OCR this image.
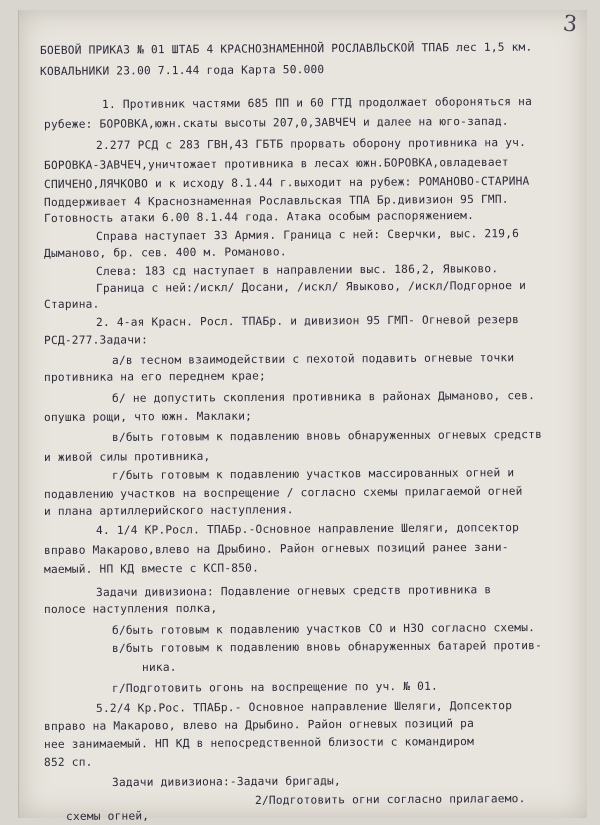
3

БОЕВОЙ ПРИКАЗ № 01 ШТАБ 4 КРАСНОЗНАМЕННОЙ РОСЛАВЛЬСКОЙ ТПАБ лес 1,5 км.

КОВАЛЬНИКИ 23.00 7.1.44 года Карта 50.000

1. Противник частями 685 ПП и 60 ГТД продолжает обороняться на

рубеже: БОРОВКА,южн.скаты высоты 207,0,ЗАВЧЕЧ и далее на юго-запад.

2.277 РСД с 283 ГВН,43 ГБТБ прорвать оборону противника на уч.

БОРОВКА-ЗАВЧЕЧ,уничтожает противника в лесах южн.БОРОВКА,овладевает

СПИЧЕНО,ЛЯЧКОВО и к исходу 8.1.44 г.выходит на рубеж: РОМАНОВО-СТАРИНА

Поддерживает 4 Краснознаменная Рославльская ТПА Бр.дивизион 95 ГМП.

Готовность атаки 6.00 8.1.44 года. Атака особым распоряжением.

Справа наступает 33 Армия. Граница с ней: Сверчки, выс. 219,6

Дыманово, бр. сев. 400 м. Романово.

Слева: 183 сд наступает в направлении выс. 186,2, Явыково.

Граница с ней:/искл/ Досани, /искл/ Явыково, /искл/Подгорное и

Старина.

2. 4-ая Красн. Росл. ТПАБр. и дивизион 95 ГМП- Огневой резерв

РСД-277.Задачи:

а/в тесном взаимодействии с пехотой подавить огневые точки

противника на его переднем крае;

б/ не допустить скопления противника в районах Дыманово, сев.

опушка рощи, что южн. Маклаки;

в/быть готовым к подавлению вновь обнаруженных огневых средств

и живой силы противника,

г/быть готовым к подавлению участков массированных огней и

подавлению участков на воспрещение / согласно схемы прилагаемой огней

и плана артиллерийского наступления.

4. 1/4 КР.Росл. ТПАБр.-Основное направление Шеляги, допсектор

вправо Макарово,влево на Дрыбино. Район огневых позиций ранее зани-

маемый. НП КД вместе с КСП-850.

Задачи дивизиона: Подавление огневых средств противника в

полосе наступления полка,

б/быть готовым к подавлению участков СО и НЗО согласно схемы.

в/быть готовым к подавлению вновь обнаруженных батарей против-

ника.

г/Подготовить огонь на воспрещение по уч. № 01.

5.2/4 Кр.Рос. ТПАБр.- Основное направление Шеляги, Допсектор

вправо на Макарово, влево на Дрыбино. Район огневых позиций ра

нее занимаемый. НП КД в непосредственной близости с командиром

852 сп.

Задачи дивизиона:-Задачи бригады,

2/Подготовить огни согласно прилагаемо.

схемы огней,
